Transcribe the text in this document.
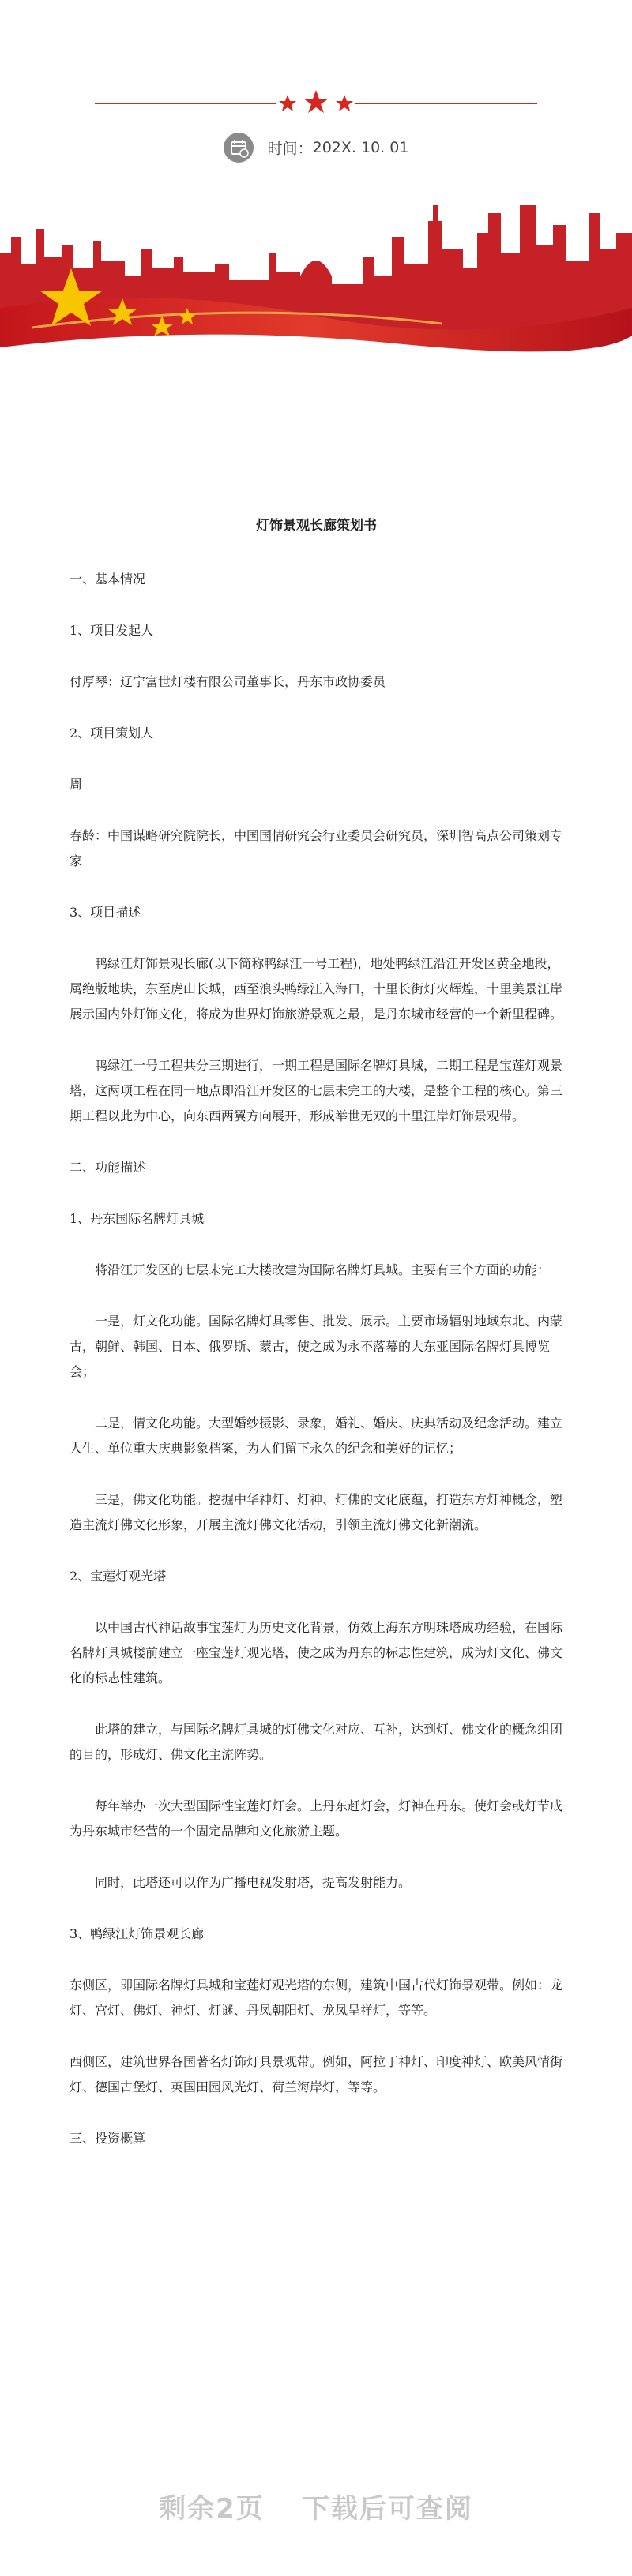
时间：202X. 10. 01
灯饰景观长廊策划书

一、基本情况

1、项目发起人

付厚琴：辽宁富世灯楼有限公司董事长，丹东市政协委员

2、项目策划人

周

春龄：中国谋略研究院院长，中国国情研究会行业委员会研究员，深圳智高点公司策划专家

3、项目描述

鸭绿江灯饰景观长廊(以下简称鸭绿江一号工程)，地处鸭绿江沿江开发区黄金地段，属绝版地块，东至虎山长城，西至浪头鸭绿江入海口，十里长街灯火辉煌，十里美景江岸展示国内外灯饰文化，将成为世界灯饰旅游景观之最，是丹东城市经营的一个新里程碑。

鸭绿江一号工程共分三期进行，一期工程是国际名牌灯具城，二期工程是宝莲灯观景塔，这两项工程在同一地点即沿江开发区的七层未完工的大楼，是整个工程的核心。第三期工程以此为中心，向东西两翼方向展开，形成举世无双的十里江岸灯饰景观带。

二、功能描述

1、丹东国际名牌灯具城

将沿江开发区的七层未完工大楼改建为国际名牌灯具城。主要有三个方面的功能：

一是，灯文化功能。国际名牌灯具零售、批发、展示。主要市场辐射地域东北、内蒙古，朝鲜、韩国、日本、俄罗斯、蒙古，使之成为永不落幕的大东亚国际名牌灯具博览会；

二是，情文化功能。大型婚纱摄影、录象，婚礼、婚庆、庆典活动及纪念活动。建立人生、单位重大庆典影象档案，为人们留下永久的纪念和美好的记忆；

三是，佛文化功能。挖掘中华神灯、灯神、灯佛的文化底蕴，打造东方灯神概念，塑造主流灯佛文化形象，开展主流灯佛文化活动，引领主流灯佛文化新潮流。

2、宝莲灯观光塔

以中国古代神话故事宝莲灯为历史文化背景，仿效上海东方明珠塔成功经验，在国际名牌灯具城楼前建立一座宝莲灯观光塔，使之成为丹东的标志性建筑，成为灯文化、佛文化的标志性建筑。

此塔的建立，与国际名牌灯具城的灯佛文化对应、互补，达到灯、佛文化的概念组团的目的，形成灯、佛文化主流阵势。

每年举办一次大型国际性宝莲灯灯会。上丹东赶灯会，灯神在丹东。使灯会或灯节成为丹东城市经营的一个固定品牌和文化旅游主题。

同时，此塔还可以作为广播电视发射塔，提高发射能力。

3、鸭绿江灯饰景观长廊

东侧区，即国际名牌灯具城和宝莲灯观光塔的东侧，建筑中国古代灯饰景观带。例如：龙灯、宫灯、佛灯、神灯、灯谜、丹凤朝阳灯、龙凤呈祥灯，等等。

西侧区，建筑世界各国著名灯饰灯具景观带。例如，阿拉丁神灯、印度神灯、欧美风情街灯、德国古堡灯、英国田园风光灯、荷兰海岸灯，等等。

三、投资概算

剩余2页 下载后可查阅
